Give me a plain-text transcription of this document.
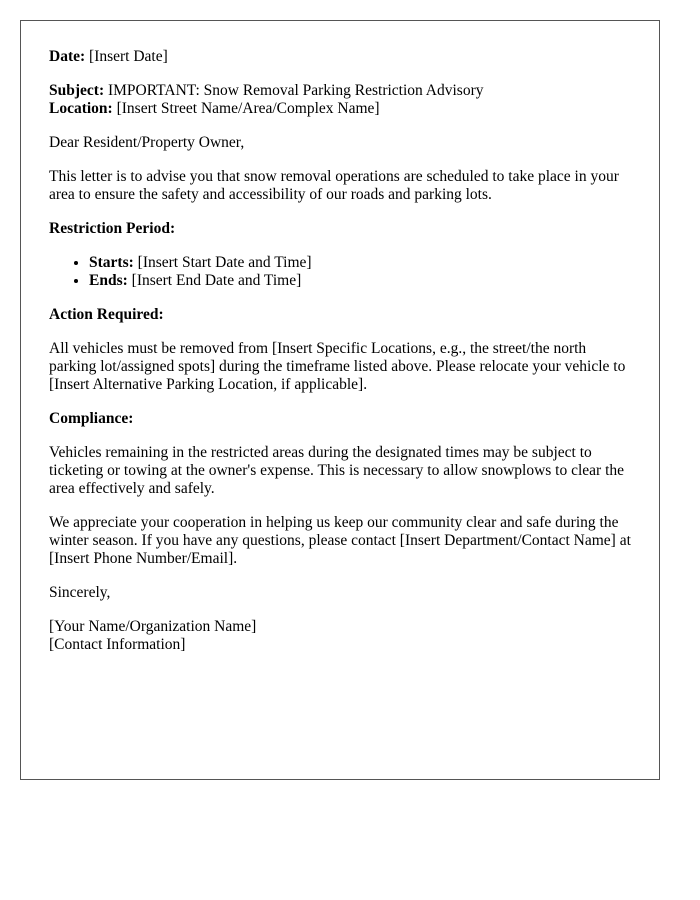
Date: [Insert Date]

Subject: IMPORTANT: Snow Removal Parking Restriction Advisory
Location: [Insert Street Name/Area/Complex Name]

Dear Resident/Property Owner,

This letter is to advise you that snow removal operations are scheduled to take place in your area to ensure the safety and accessibility of our roads and parking lots.

Restriction Period:

• Starts: [Insert Start Date and Time]
• Ends: [Insert End Date and Time]

Action Required:

All vehicles must be removed from [Insert Specific Locations, e.g., the street/the north parking lot/assigned spots] during the timeframe listed above. Please relocate your vehicle to [Insert Alternative Parking Location, if applicable].

Compliance:

Vehicles remaining in the restricted areas during the designated times may be subject to ticketing or towing at the owner's expense. This is necessary to allow snowplows to clear the area effectively and safely.

We appreciate your cooperation in helping us keep our community clear and safe during the winter season. If you have any questions, please contact [Insert Department/Contact Name] at [Insert Phone Number/Email].

Sincerely,

[Your Name/Organization Name]
[Contact Information]
